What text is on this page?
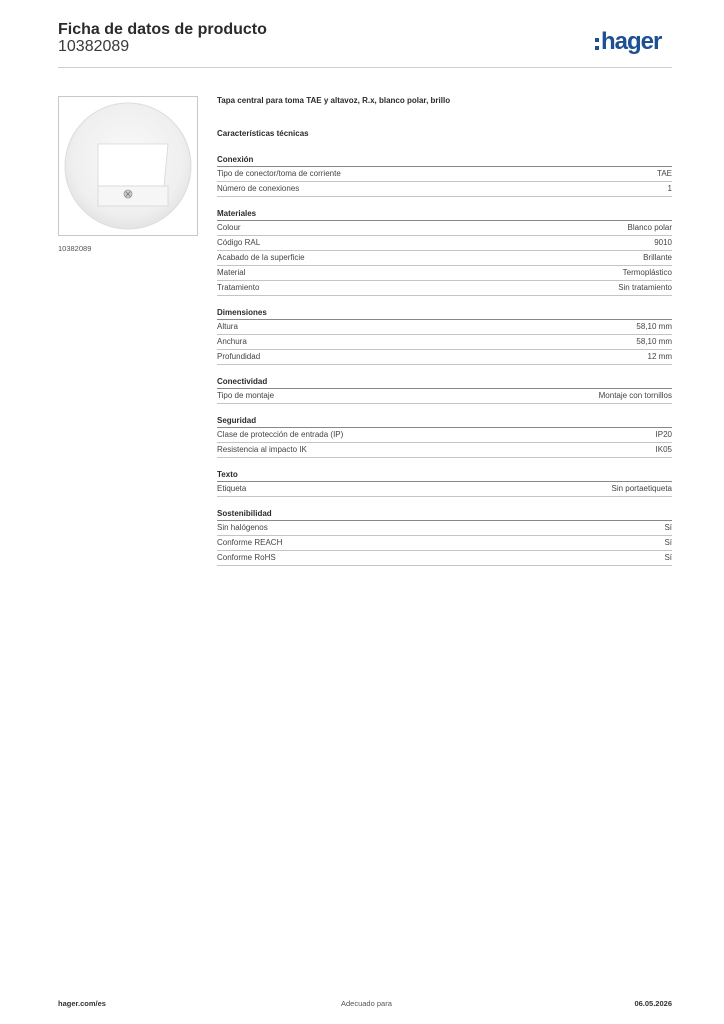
Ficha de datos de producto
10382089	hager
10382089
Tapa central para toma TAE y altavoz, R.x, blanco polar, brillo
Características técnicas
Conexión
Tipo de conector/toma de corriente	TAE
Número de conexiones	1
Materiales
Colour	Blanco polar
Código RAL	9010
Acabado de la superficie	Brillante
Material	Termoplástico
Tratamiento	Sin tratamiento
Dimensiones
Altura	58,10 mm
Anchura	58,10 mm
Profundidad	12 mm
Conectividad
Tipo de montaje	Montaje con tornillos
Seguridad
Clase de protección de entrada (IP)	IP20
Resistencia al impacto IK	IK05
Texto
Etiqueta	Sin portaetiqueta
Sostenibilidad
Sin halógenos	Sí
Conforme REACH	Sí
Conforme RoHS	Sí
hager.com/es	Adecuado para	06.05.2026
